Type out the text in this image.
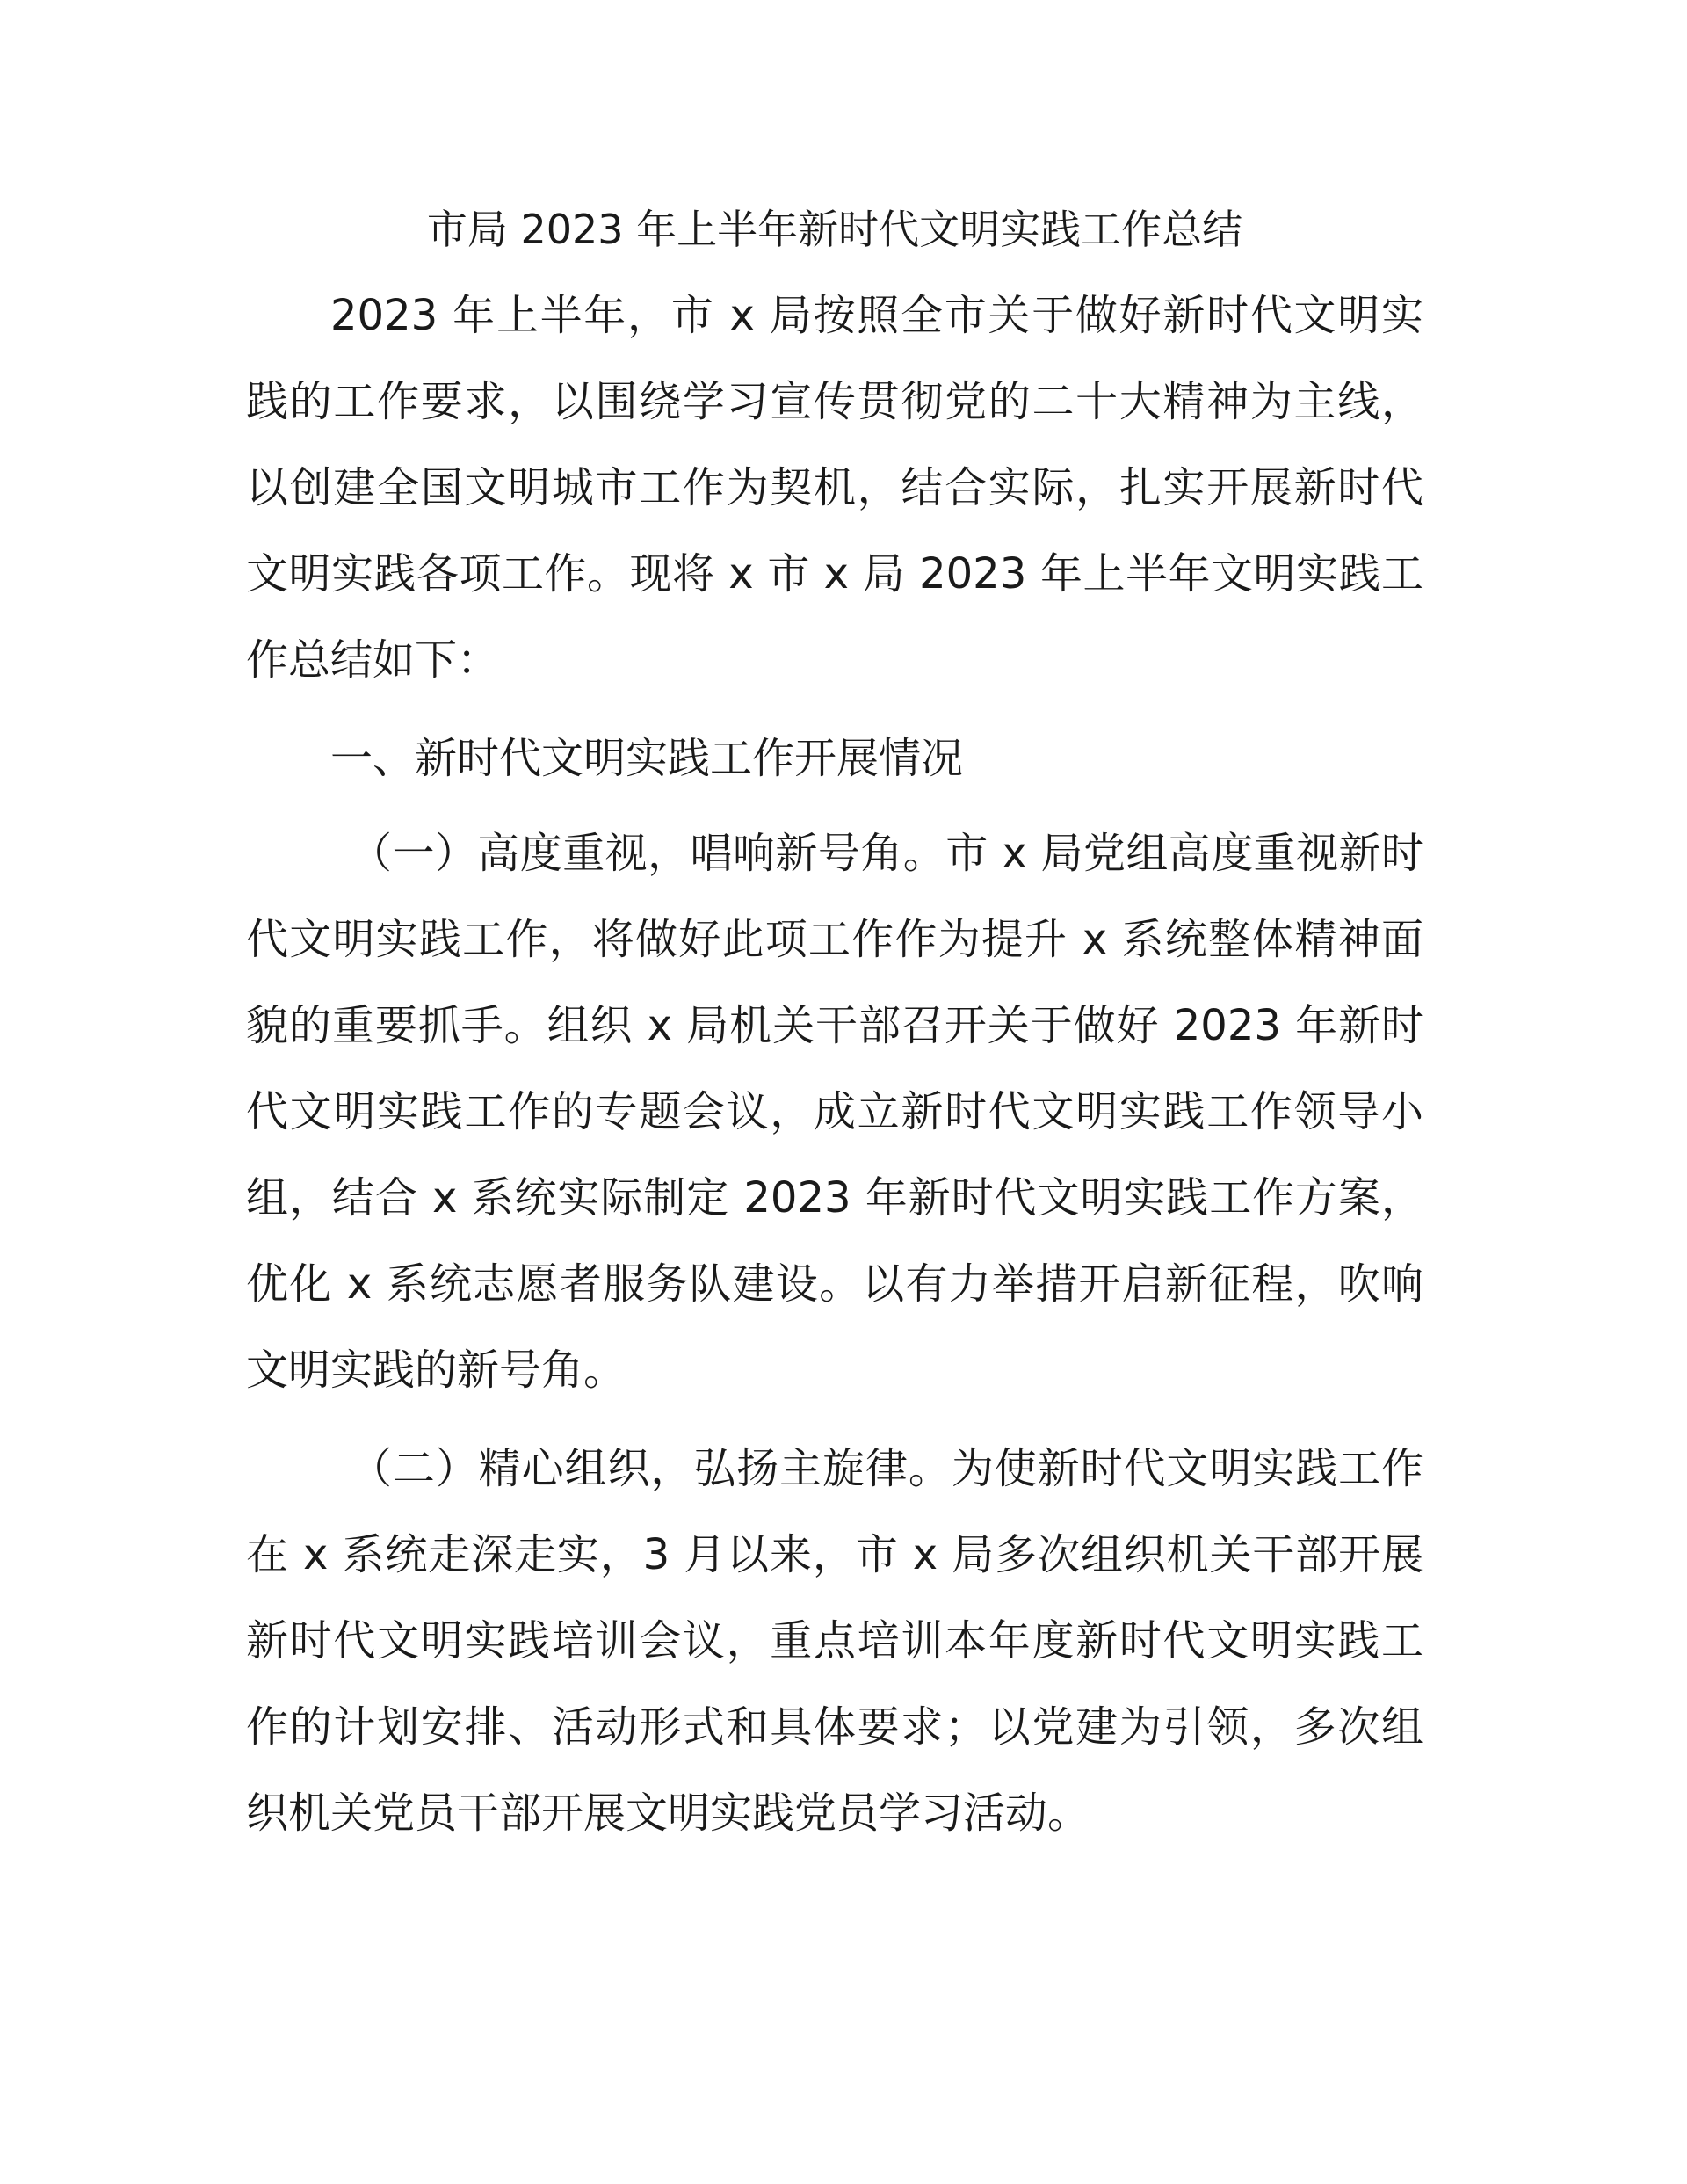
市局 2023 年上半年新时代文明实践工作总结

2023 年上半年，市 x 局按照全市关于做好新时代文明实践的工作要求，以围绕学习宣传贯彻党的二十大精神为主线，以创建全国文明城市工作为契机，结合实际，扎实开展新时代文明实践各项工作。现将 x 市 x 局 2023 年上半年文明实践工作总结如下：

一、新时代文明实践工作开展情况

（一）高度重视，唱响新号角。市 x 局党组高度重视新时代文明实践工作，将做好此项工作作为提升 x 系统整体精神面貌的重要抓手。组织 x 局机关干部召开关于做好 2023 年新时代文明实践工作的专题会议，成立新时代文明实践工作领导小组，结合 x 系统实际制定 2023 年新时代文明实践工作方案，优化 x 系统志愿者服务队建设。以有力举措开启新征程，吹响文明实践的新号角。

（二）精心组织，弘扬主旋律。为使新时代文明实践工作在 x 系统走深走实，3 月以来，市 x 局多次组织机关干部开展新时代文明实践培训会议，重点培训本年度新时代文明实践工作的计划安排、活动形式和具体要求；以党建为引领，多次组织机关党员干部开展文明实践党员学习活动。
